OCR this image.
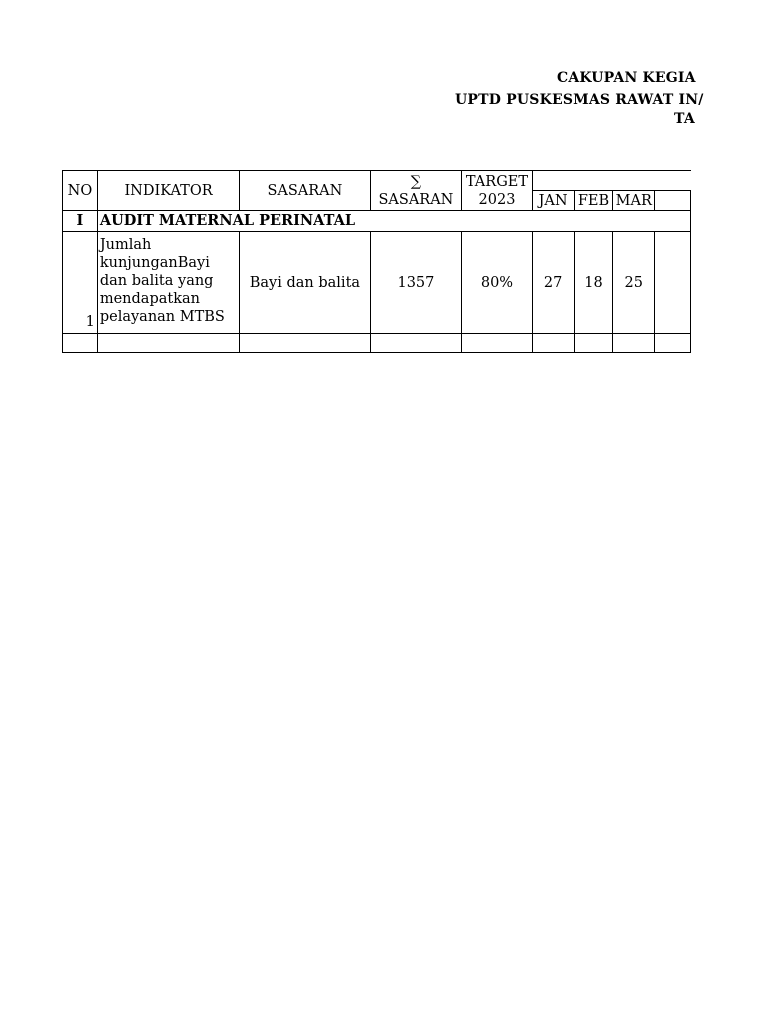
CAKUPAN KEGIA
UPTD PUSKESMAS RAWAT IN/
TA
NO	INDIKATOR	SASARAN	∑ SASARAN	TARGET 2023				
					JAN	FEB	MAR	
I	AUDIT MATERNAL PERINATAL							
1	Jumlah kunjunganBayi dan balita yang mendapatkan pelayanan MTBS	Bayi dan balita	1357	80%	27	18	25	
